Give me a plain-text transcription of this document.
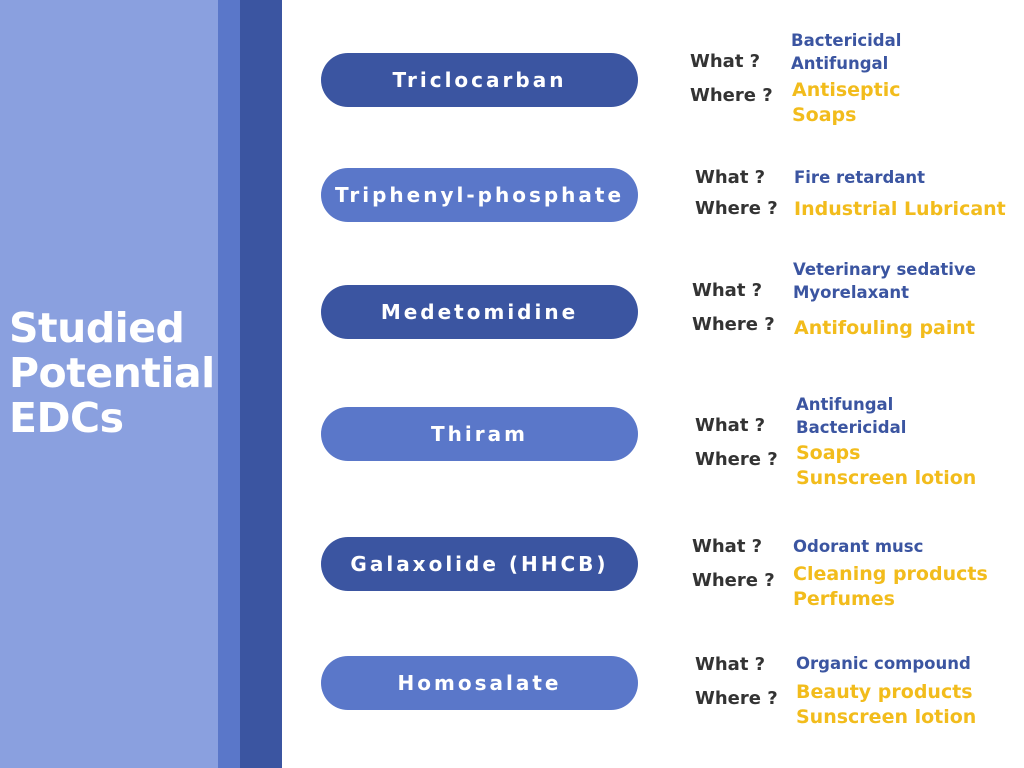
Studied
Potential
EDCs
Triclocarban
What ?
Where ?
Bactericidal
Antifungal
Antiseptic
Soaps
Triphenyl-phosphate
What ?
Where ?
Fire retardant
Industrial Lubricant
Medetomidine
What ?
Where ?
Veterinary sedative
Myorelaxant
Antifouling paint
Thiram	What ?
Where ?
Antifungal
Bactericidal
Soaps
Sunscreen lotion
Galaxolide (HHCB)
What ?
Where ?
Odorant musc
Cleaning products
Perfumes
Homosalate
What ?
Where ?
Organic compound
Beauty products
Sunscreen lotion
